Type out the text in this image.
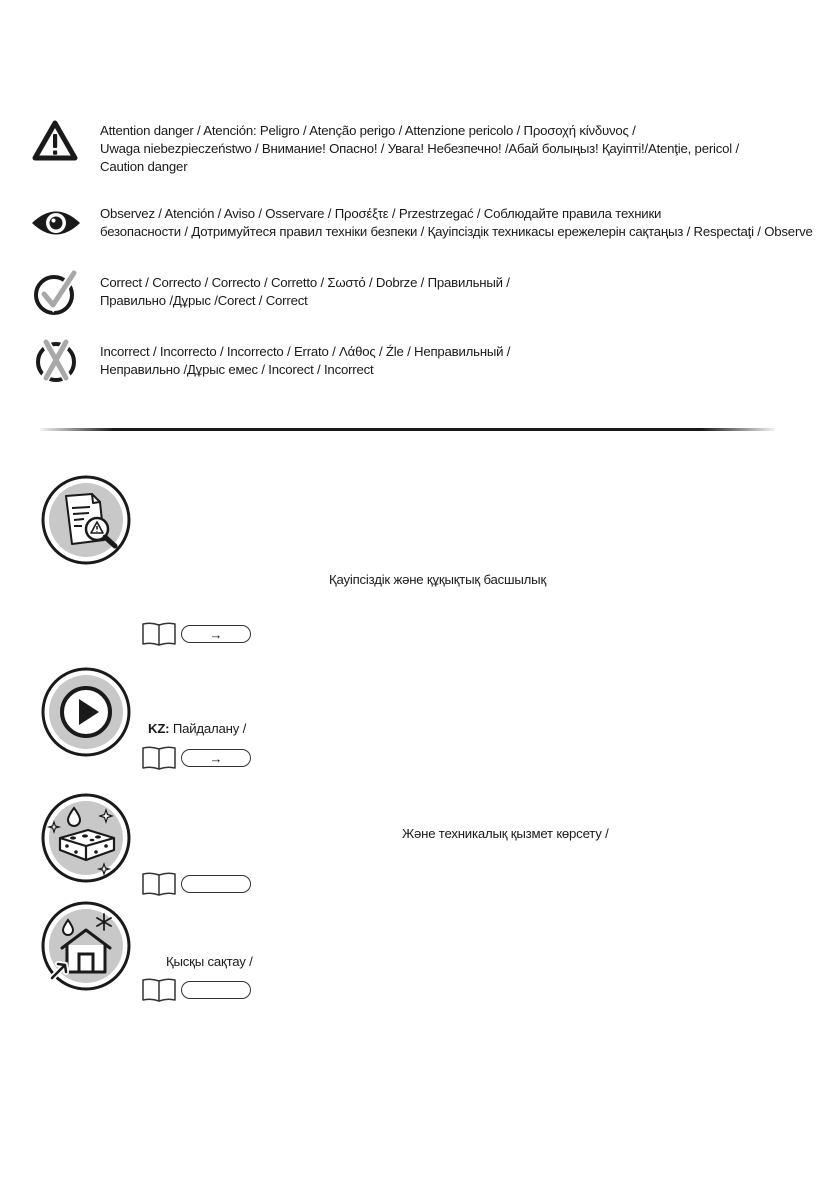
Attention danger / Atención: Peligro / Atenção perigo / Attenzione pericolo / Προσοχή κίνδυνος /
Uwaga niebezpieczeństwo / Внимание! Опасно! / Увага! Небезпечно! /Абай болыңыз! Қауіпті!/Atenţie, pericol /
Caution danger
Observez / Atención / Aviso / Osservare / Προσέξτε / Przestrzegać / Соблюдайте правила техники
безопасности / Дотримуйтеся правил техніки безпеки / Қауіпсіздік техникасы ережелерін сақтаңыз / Respectaţi / Observe
Correct / Correcto / Correcto / Corretto / Σωστό / Dobrze / Правильный /
Правильно /Дұрыс /Corect / Correct
Incorrect / Incorrecto / Incorrecto / Errato / Λάθος / Źle / Неправильный /
Неправильно /Дұрыс емес / Incorect / Incorrect
Қауіпсіздік және құқықтық басшылық
→
KZ: Пайдалану /
→
Және техникалық қызмет көрсету /
Қысқы сақтау /
